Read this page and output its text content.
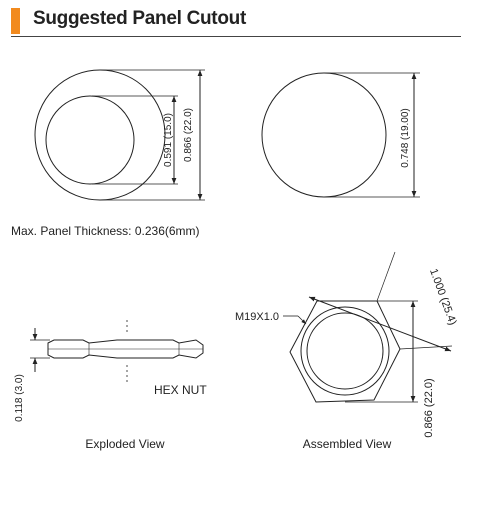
Suggested Panel Cutout
0.591 (15.0) 0.866 (22.0)	0.748 (19.00)
Max. Panel Thickness: 0.236(6mm)
0.118 (3.0)	HEX NUT
Exploded View
M19X1.0	1.000 (25.4)
0.866 (22.0)
Assembled View
